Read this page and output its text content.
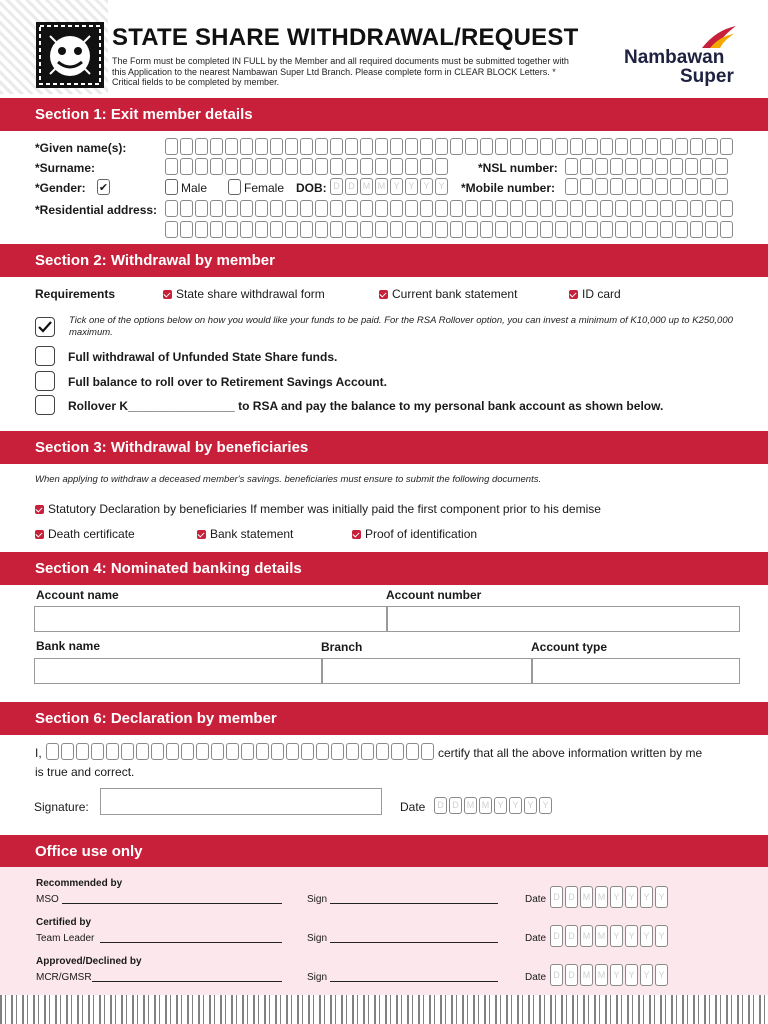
STATE SHARE WITHDRAWAL/REQUEST
The Form must be completed IN FULL by the Member and all required documents must be submitted together with this Application to the nearest Nambawan Super Ltd Branch. Please complete form in CLEAR BLOCK Letters. * Critical fields to be completed by member.
Nambawan
Super
Section 1: Exit member details
*Given name(s):
*Surname:	*NSL number:
*Gender: ✔	Male	Female DOB: D D M M Y Y Y Y *Mobile number:
*Residential address:
Section 2: Withdrawal by member
Requirements	State share withdrawal form	Current bank statement	ID card
Tick one of the options below on how you would like your funds to be paid. For the RSA Rollover option, you can invest a minimum of K10,000 up to K250,000 maximum.
Full withdrawal of Unfunded State Share funds.
Full balance to roll over to Retirement Savings Account.
Rollover K________________ to RSA and pay the balance to my personal bank account as shown below.
Section 3: Withdrawal by beneficiaries
When applying to withdraw a deceased member's savings. beneficiaries must ensure to submit the following documents.
Statutory Declaration by beneficiaries If member was initially paid the first component prior to his demise
Death certificate	Bank statement	Proof of identification
Section 4: Nominated banking details
Account name	Account number
Bank name	Branch	Account type
Section 6: Declaration by member
I,	certify that all the above information written by me
is true and correct.
Signature:	Date	D D M M Y Y Y Y
Office use only
Recommended by
MSO	Sign	Date D D M M Y Y Y Y
Certified by
Team Leader	Sign	Date D D M M Y Y Y Y
Approved/Declined by
MCR/GMSR	Sign	Date D D M M Y Y Y Y
